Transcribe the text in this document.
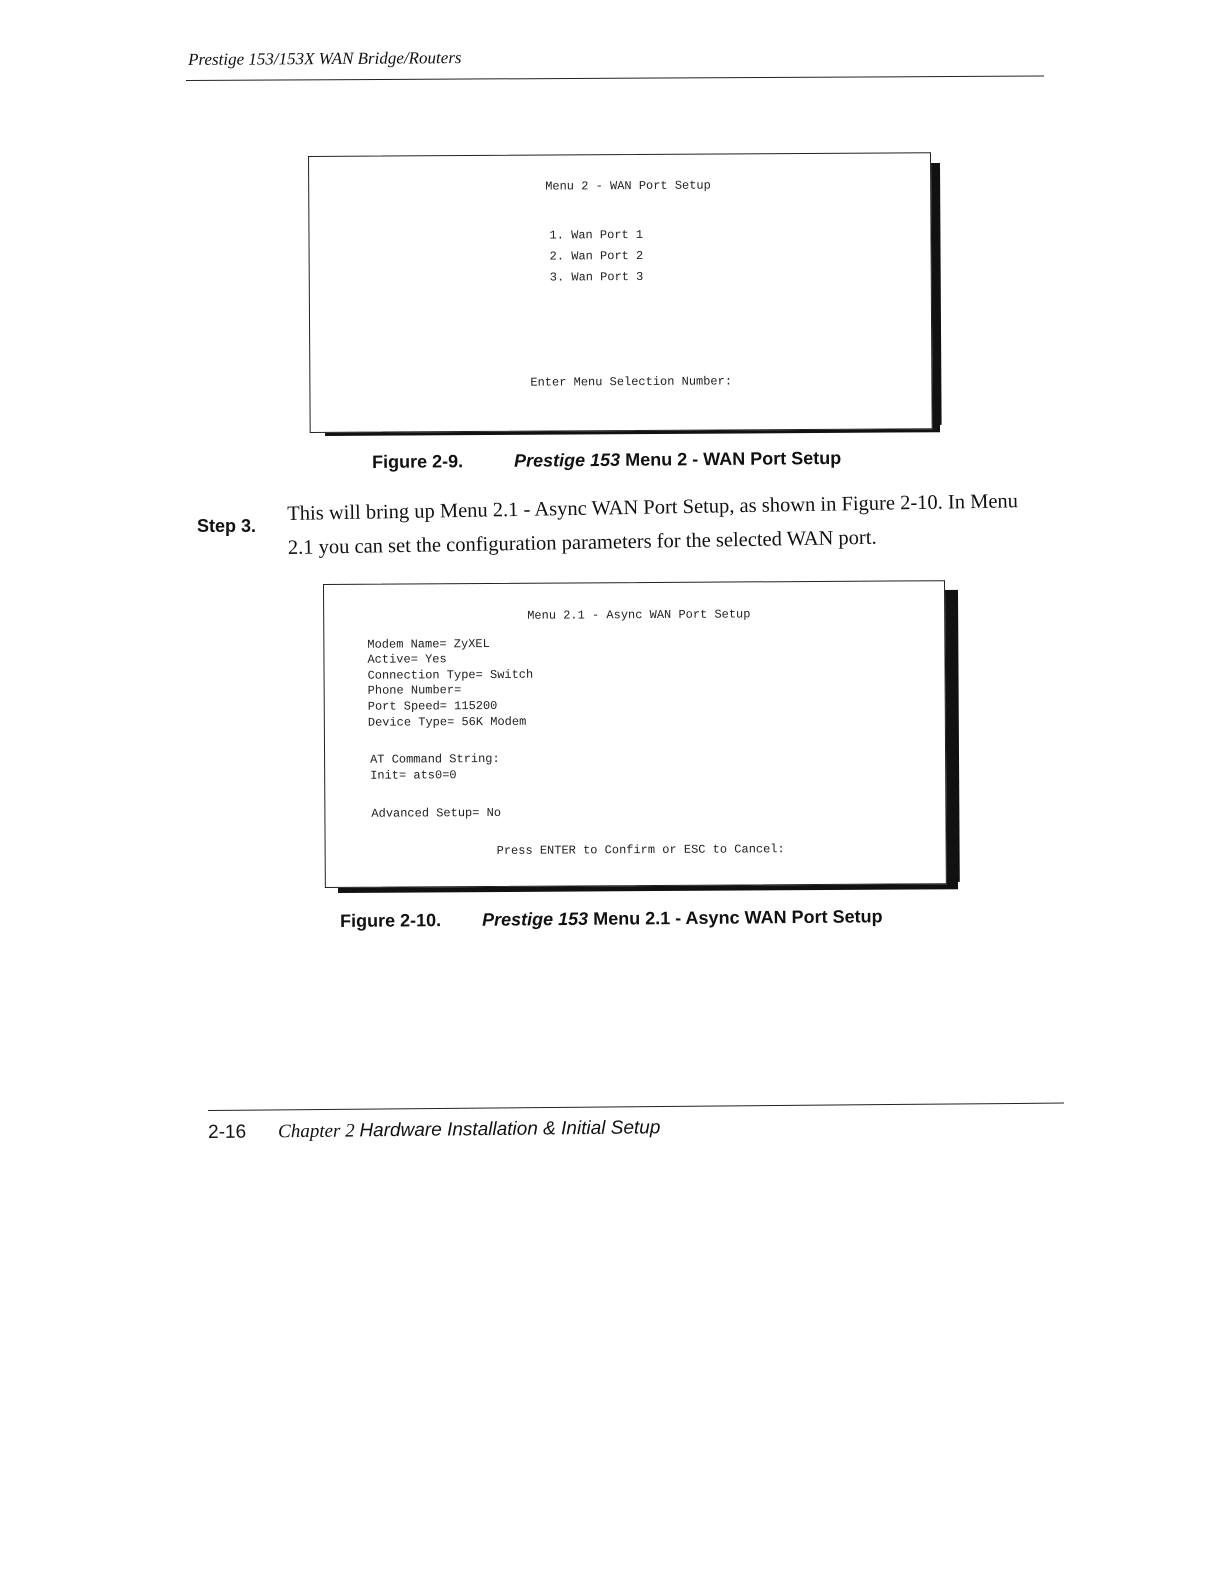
Prestige 153/153X WAN Bridge/Routers
Menu 2 - WAN Port Setup
1. Wan Port 1
2. Wan Port 2
3. Wan Port 3
Enter Menu Selection Number:
Figure 2-9.	Prestige 153 Menu 2 - WAN Port Setup
Step 3.
This will bring up Menu 2.1 - Async WAN Port Setup, as shown in Figure 2-10. In Menu 2.1 you can set the configuration parameters for the selected WAN port.
Menu 2.1 - Async WAN Port Setup
Modem Name= ZyXEL
Active= Yes
Connection Type= Switch
Phone Number=
Port Speed= 115200
Device Type= 56K Modem
AT Command String:
Init= ats0=0
Advanced Setup= No
Press ENTER to Confirm or ESC to Cancel:
Figure 2-10. Prestige 153 Menu 2.1 - Async WAN Port Setup
2-16 Chapter 2 Hardware Installation & Initial Setup
